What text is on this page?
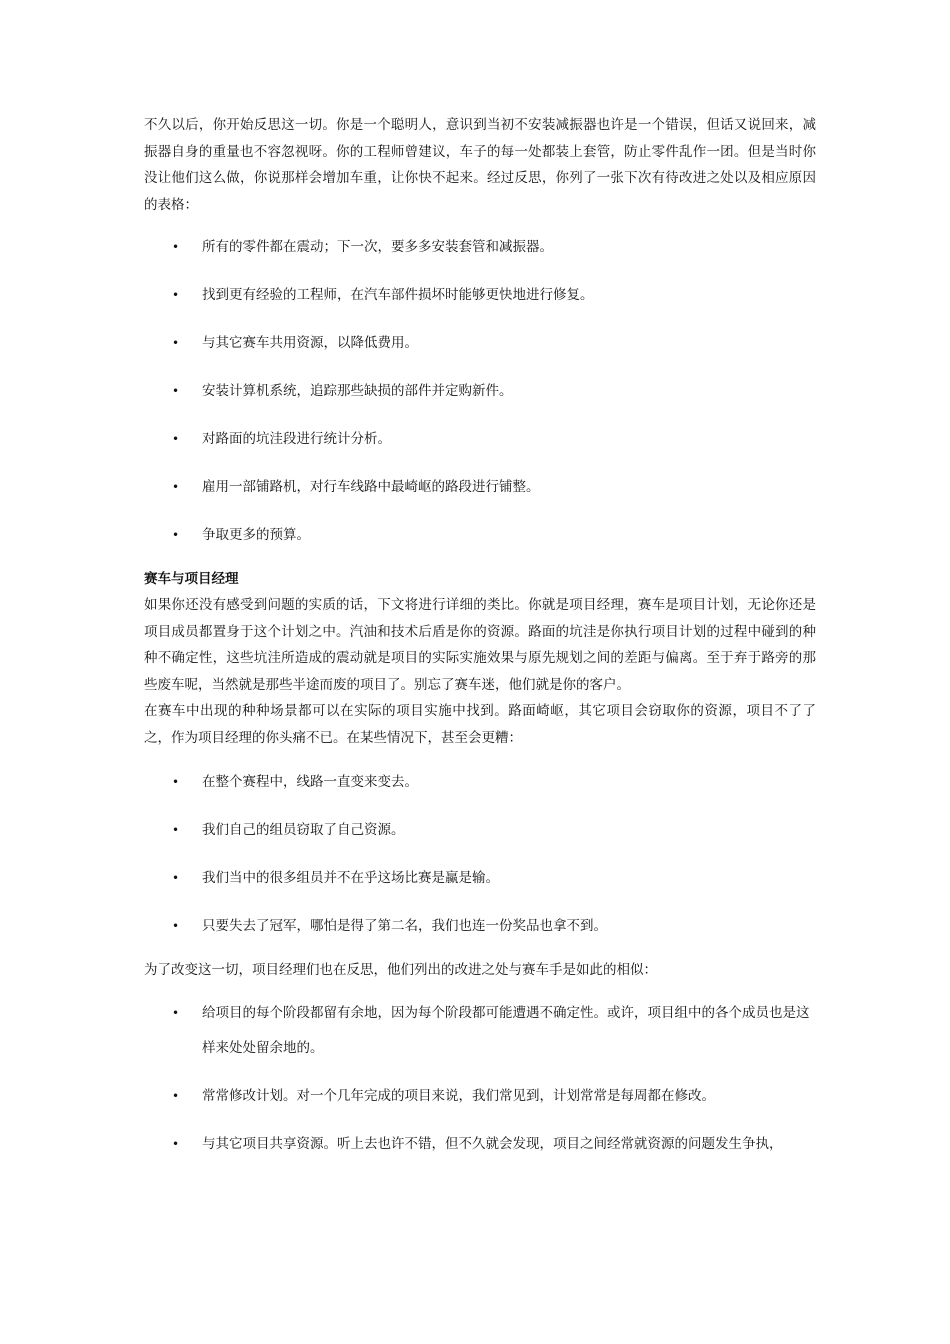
不久以后，你开始反思这一切。你是一个聪明人，意识到当初不安装减振器也许是一个错误，但话又说回来，减振器自身的重量也不容忽视呀。你的工程师曾建议，车子的每一处都装上套管，防止零件乱作一团。但是当时你没让他们这么做，你说那样会增加车重，让你快不起来。经过反思，你列了一张下次有待改进之处以及相应原因的表格：

• 所有的零件都在震动；下一次，要多多安装套管和减振器。
• 找到更有经验的工程师，在汽车部件损坏时能够更快地进行修复。
• 与其它赛车共用资源，以降低费用。
• 安装计算机系统，追踪那些缺损的部件并定购新件。
• 对路面的坑洼段进行统计分析。
• 雇用一部铺路机，对行车线路中最崎岖的路段进行铺整。
• 争取更多的预算。
赛车与项目经理

如果你还没有感受到问题的实质的话，下文将进行详细的类比。你就是项目经理，赛车是项目计划，无论你还是项目成员都置身于这个计划之中。汽油和技术后盾是你的资源。路面的坑洼是你执行项目计划的过程中碰到的种种不确定性，这些坑洼所造成的震动就是项目的实际实施效果与原先规划之间的差距与偏离。至于弃于路旁的那些废车呢，当然就是那些半途而废的项目了。别忘了赛车迷，他们就是你的客户。

在赛车中出现的种种场景都可以在实际的项目实施中找到。路面崎岖，其它项目会窃取你的资源，项目不了了之，作为项目经理的你头痛不已。在某些情况下，甚至会更糟：

• 在整个赛程中，线路一直变来变去。
• 我们自己的组员窃取了自己资源。
• 我们当中的很多组员并不在乎这场比赛是赢是输。
• 只要失去了冠军，哪怕是得了第二名，我们也连一份奖品也拿不到。

为了改变这一切，项目经理们也在反思，他们列出的改进之处与赛车手是如此的相似：

• 给项目的每个阶段都留有余地，因为每个阶段都可能遭遇不确定性。或许，项目组中的各个成员也是这样来处处留余地的。
• 常常修改计划。对一个几年完成的项目来说，我们常见到，计划常常是每周都在修改。
• 与其它项目共享资源。听上去也许不错，但不久就会发现，项目之间经常就资源的问题发生争执，
